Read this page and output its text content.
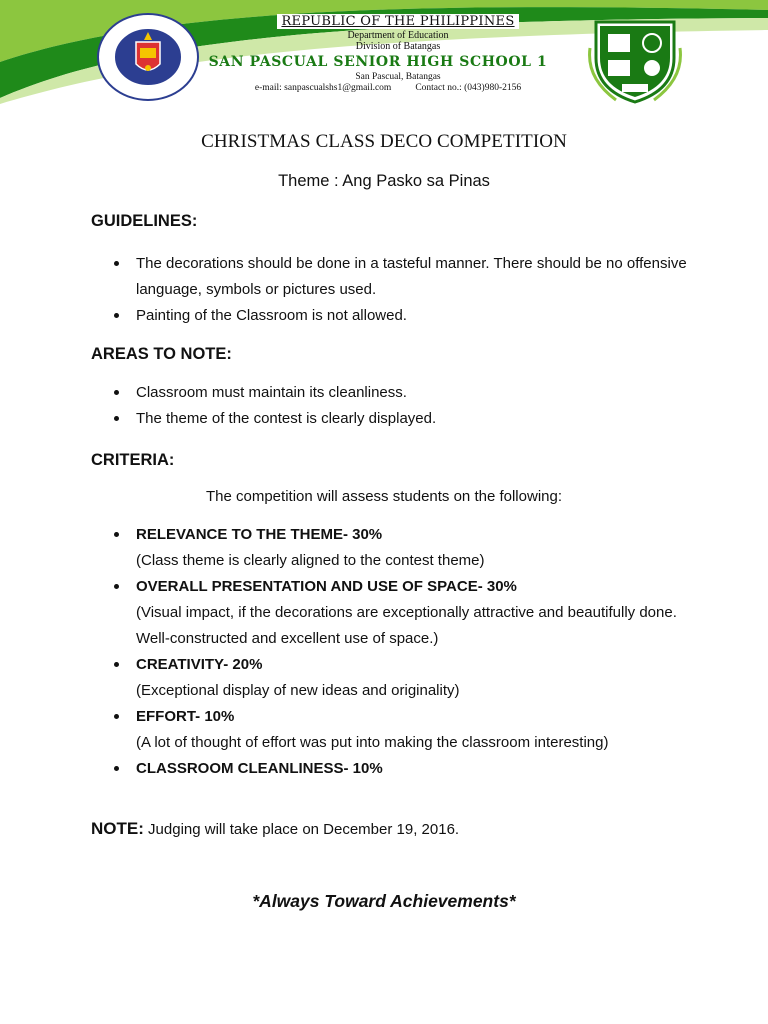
REPUBLIC OF THE PHILIPPINES
Department of Education
Division of Batangas
SAN PASCUAL SENIOR HIGH SCHOOL 1
San Pascual, Batangas
e-mail: sanpascualshs1@gmail.com	Contact no.: (043)980-2156
CHRISTMAS CLASS DECO COMPETITION
Theme : Ang Pasko sa Pinas
GUIDELINES:
The decorations should be done in a tasteful manner. There should be no offensive language, symbols or pictures used.
Painting of the Classroom is not allowed.
AREAS TO NOTE:
Classroom must maintain its cleanliness.
The theme of the contest is clearly displayed.
CRITERIA:
The competition will assess students on the following:
RELEVANCE TO THE THEME- 30%
(Class theme is clearly aligned to the contest theme)
OVERALL PRESENTATION AND USE OF SPACE- 30%
(Visual impact, if the decorations are exceptionally attractive and beautifully done. Well-constructed and excellent use of space.)
CREATIVITY- 20%
(Exceptional display of new ideas and originality)
EFFORT- 10%
(A lot of thought of effort was put into making the classroom interesting)
CLASSROOM CLEANLINESS- 10%
NOTE: Judging will take place on December 19, 2016.
*Always Toward Achievements*
